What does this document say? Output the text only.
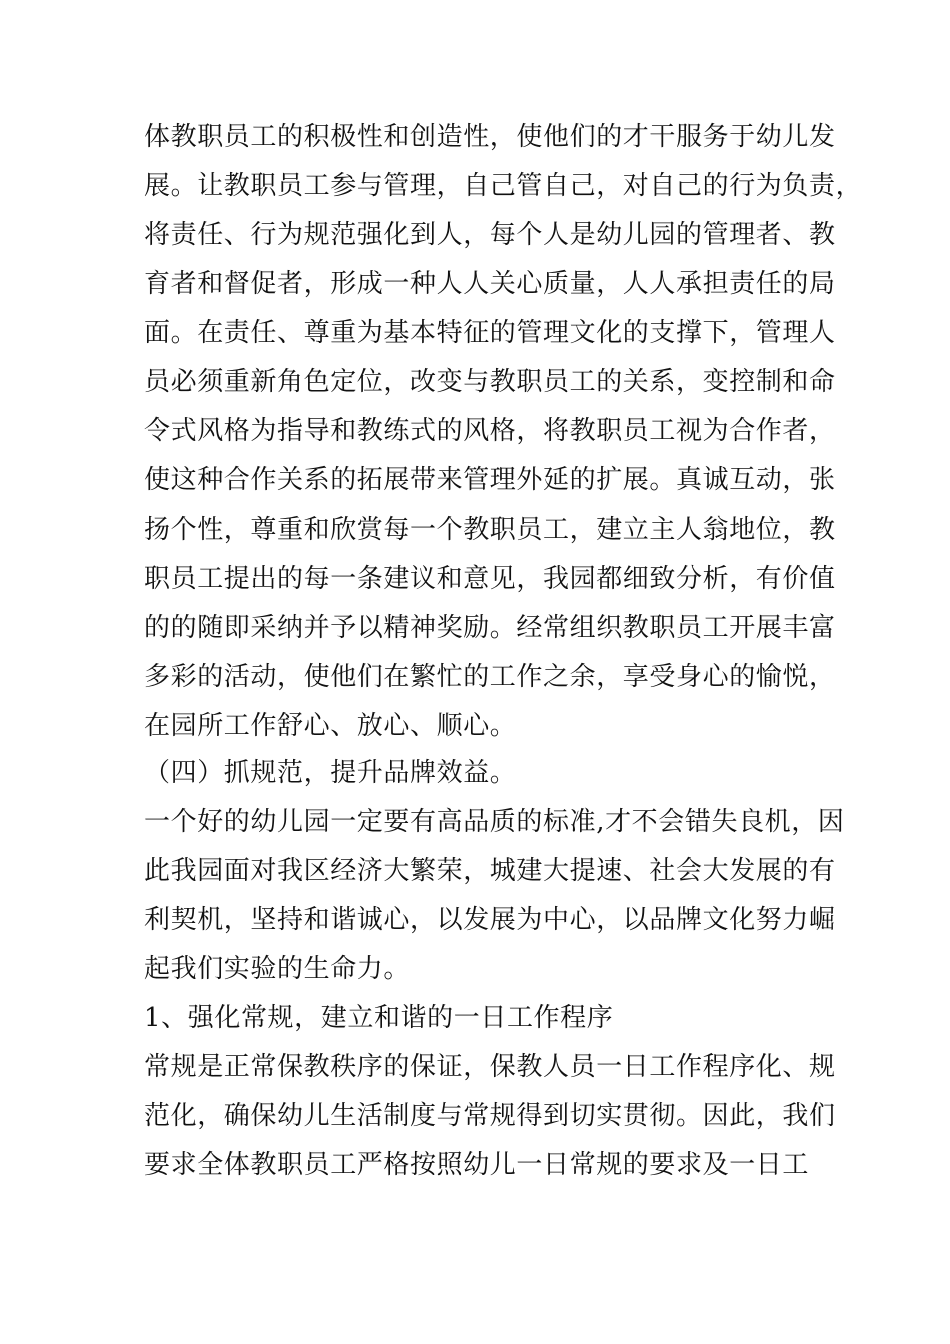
体教职员工的积极性和创造性，使他们的才干服务于幼儿发
展。让教职员工参与管理，自己管自己，对自己的行为负责，
将责任、行为规范强化到人，每个人是幼儿园的管理者、教
育者和督促者，形成一种人人关心质量，人人承担责任的局
面。在责任、尊重为基本特征的管理文化的支撑下，管理人
员必须重新角色定位，改变与教职员工的关系，变控制和命
令式风格为指导和教练式的风格，将教职员工视为合作者，
使这种合作关系的拓展带来管理外延的扩展。真诚互动，张
扬个性，尊重和欣赏每一个教职员工，建立主人翁地位，教
职员工提出的每一条建议和意见，我园都细致分析，有价值
的的随即采纳并予以精神奖励。经常组织教职员工开展丰富
多彩的活动，使他们在繁忙的工作之余，享受身心的愉悦，
在园所工作舒心、放心、顺心。
（四）抓规范，提升品牌效益。
一个好的幼儿园一定要有高品质的标准,才不会错失良机，因
此我园面对我区经济大繁荣，城建大提速、社会大发展的有
利契机，坚持和谐诚心，以发展为中心，以品牌文化努力崛
起我们实验的生命力。
1、强化常规，建立和谐的一日工作程序
常规是正常保教秩序的保证，保教人员一日工作程序化、规
范化，确保幼儿生活制度与常规得到切实贯彻。因此，我们
要求全体教职员工严格按照幼儿一日常规的要求及一日工
